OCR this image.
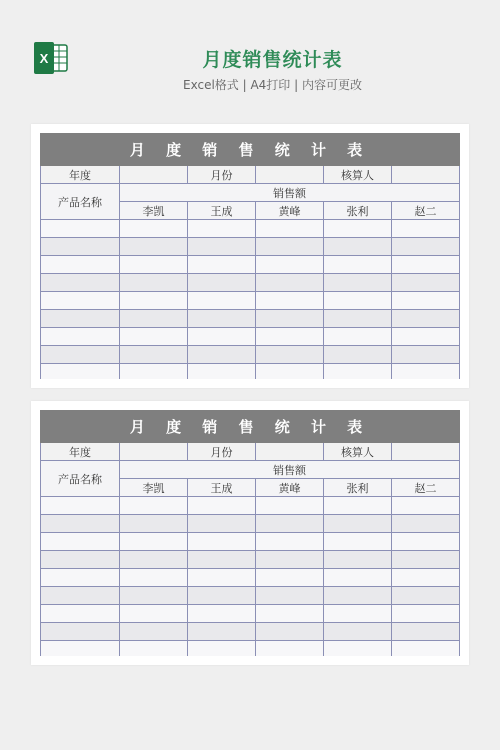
X	月度销售统计表
Excel格式 | A4打印 | 内容可更改
月 度 销 售 统 计 表					
年度		月份		核算人	
产品名称	销售额				
	李凯	王成	黄峰	张利	赵二

月 度 销 售 统 计 表					
年度		月份		核算人	
产品名称	销售额				
	李凯	王成	黄峰	张利	赵二
